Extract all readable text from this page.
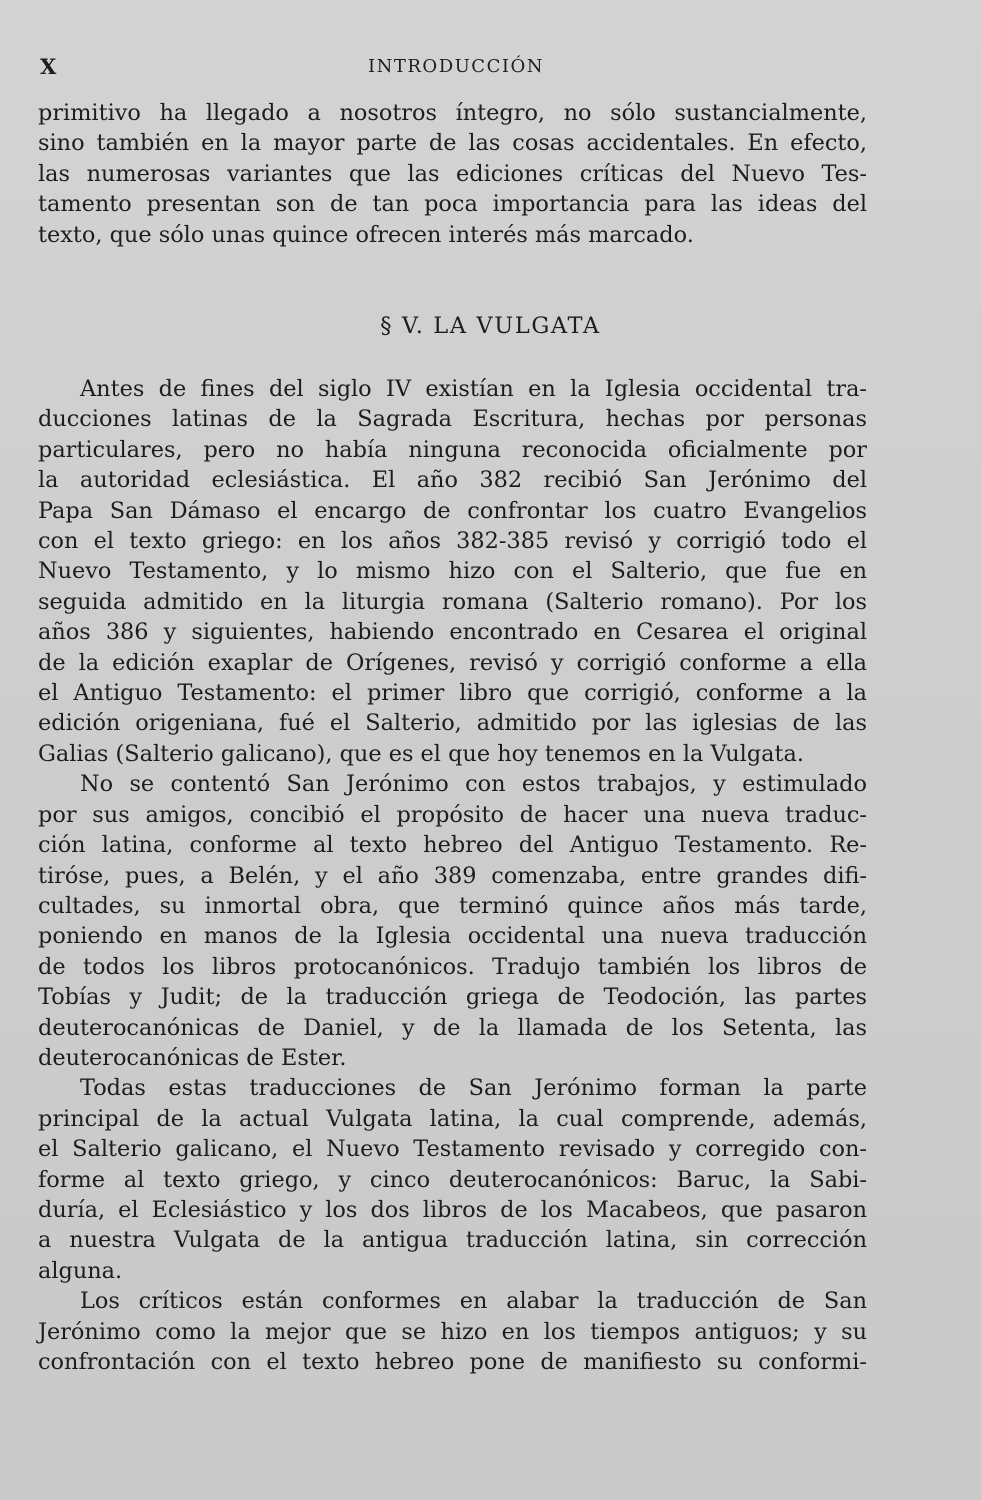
X	INTRODUCCIÓN
primitivo ha llegado a nosotros íntegro, no sólo sustancialmente,
sino también en la mayor parte de las cosas accidentales. En efecto,
las numerosas variantes que las ediciones críticas del Nuevo Tes-
tamento presentan son de tan poca importancia para las ideas del
texto, que sólo unas quince ofrecen interés más marcado.
§ V. LA VULGATA
Antes de fines del siglo IV existían en la Iglesia occidental tra-
ducciones latinas de la Sagrada Escritura, hechas por personas
particulares, pero no había ninguna reconocida oficialmente por
la autoridad eclesiástica. El año 382 recibió San Jerónimo del
Papa San Dámaso el encargo de confrontar los cuatro Evangelios
con el texto griego: en los años 382-385 revisó y corrigió todo el
Nuevo Testamento, y lo mismo hizo con el Salterio, que fue en
seguida admitido en la liturgia romana (Salterio romano). Por los
años 386 y siguientes, habiendo encontrado en Cesarea el original
de la edición exaplar de Orígenes, revisó y corrigió conforme a ella
el Antiguo Testamento: el primer libro que corrigió, conforme a la
edición origeniana, fué el Salterio, admitido por las iglesias de las
Galias (Salterio galicano), que es el que hoy tenemos en la Vulgata.
No se contentó San Jerónimo con estos trabajos, y estimulado
por sus amigos, concibió el propósito de hacer una nueva traduc-
ción latina, conforme al texto hebreo del Antiguo Testamento. Re-
tiróse, pues, a Belén, y el año 389 comenzaba, entre grandes difi-
cultades, su inmortal obra, que terminó quince años más tarde,
poniendo en manos de la Iglesia occidental una nueva traducción
de todos los libros protocanónicos. Tradujo también los libros de
Tobías y Judit; de la traducción griega de Teodoción, las partes
deuterocanónicas de Daniel, y de la llamada de los Setenta, las
deuterocanónicas de Ester.
Todas estas traducciones de San Jerónimo forman la parte
principal de la actual Vulgata latina, la cual comprende, además,
el Salterio galicano, el Nuevo Testamento revisado y corregido con-
forme al texto griego, y cinco deuterocanónicos: Baruc, la Sabi-
duría, el Eclesiástico y los dos libros de los Macabeos, que pasaron
a nuestra Vulgata de la antigua traducción latina, sin corrección
alguna.
Los críticos están conformes en alabar la traducción de San
Jerónimo como la mejor que se hizo en los tiempos antiguos; y su
confrontación con el texto hebreo pone de manifiesto su conformi-
